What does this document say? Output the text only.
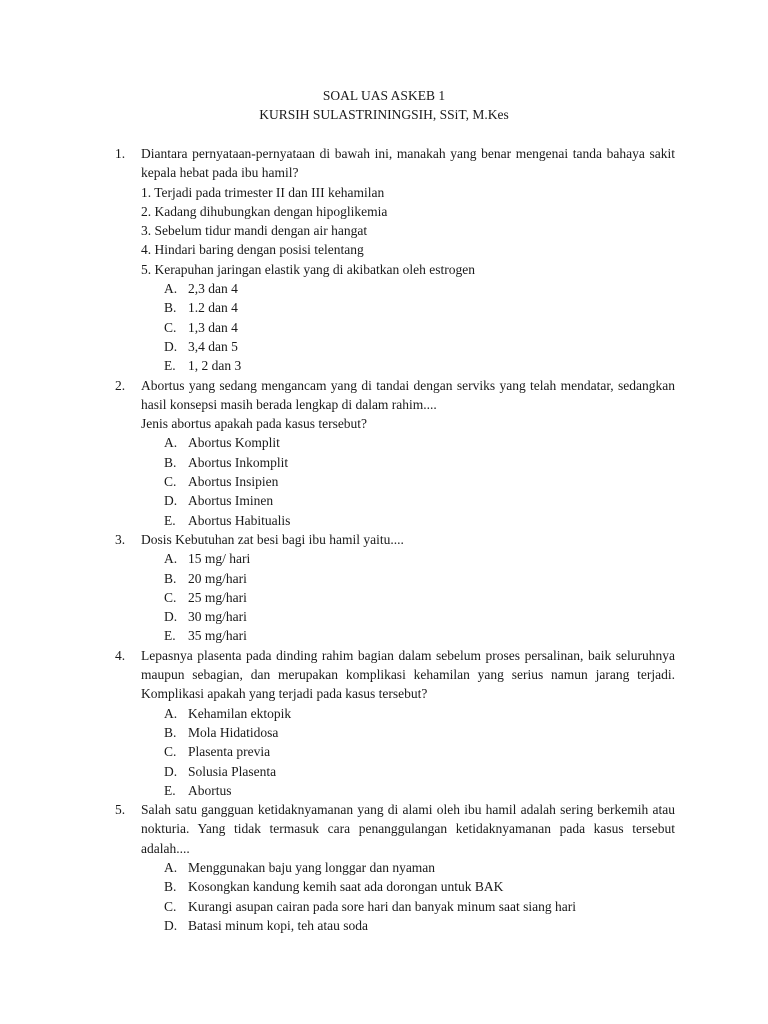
SOAL UAS ASKEB 1
KURSIH SULASTRININGSIH, SSiT, M.Kes
1.	Diantara pernyataan-pernyataan di bawah ini, manakah yang benar mengenai tanda bahaya sakit kepala hebat pada ibu hamil?

1. Terjadi pada trimester II dan III kehamilan
2. Kadang dihubungkan dengan hipoglikemia
3. Sebelum tidur mandi dengan air hangat
4. Hindari baring dengan posisi telentang
5. Kerapuhan jaringan elastik yang di akibatkan oleh estrogen
A. 2,3 dan 4
B. 1.2 dan 4
C. 1,3 dan 4
D. 3,4 dan 5
E. 1, 2 dan 3
2.	Abortus yang sedang mengancam yang di tandai dengan serviks yang telah mendatar, sedangkan hasil konsepsi masih berada lengkap di dalam rahim....

Jenis abortus apakah pada kasus tersebut?

A. Abortus Komplit
B. Abortus Inkomplit
C. Abortus Insipien
D. Abortus Iminen
E. Abortus Habitualis
3.	Dosis Kebutuhan zat besi bagi ibu hamil yaitu....

A. 15 mg/ hari
B. 20 mg/hari
C. 25 mg/hari
D. 30 mg/hari
E. 35 mg/hari
4.	Lepasnya plasenta pada dinding rahim bagian dalam sebelum proses persalinan, baik seluruhnya maupun sebagian, dan merupakan komplikasi kehamilan yang serius namun jarang terjadi. Komplikasi apakah yang terjadi pada kasus tersebut?

A. Kehamilan ektopik
B. Mola Hidatidosa
C. Plasenta previa
D. Solusia Plasenta
E. Abortus
5.	Salah satu gangguan ketidaknyamanan yang di alami oleh ibu hamil adalah sering berkemih atau nokturia. Yang tidak termasuk cara penanggulangan ketidaknyamanan pada kasus tersebut adalah....

A. Menggunakan baju yang longgar dan nyaman
B. Kosongkan kandung kemih saat ada dorongan untuk BAK
C. Kurangi asupan cairan pada sore hari dan banyak minum saat siang hari
D. Batasi minum kopi, teh atau soda
